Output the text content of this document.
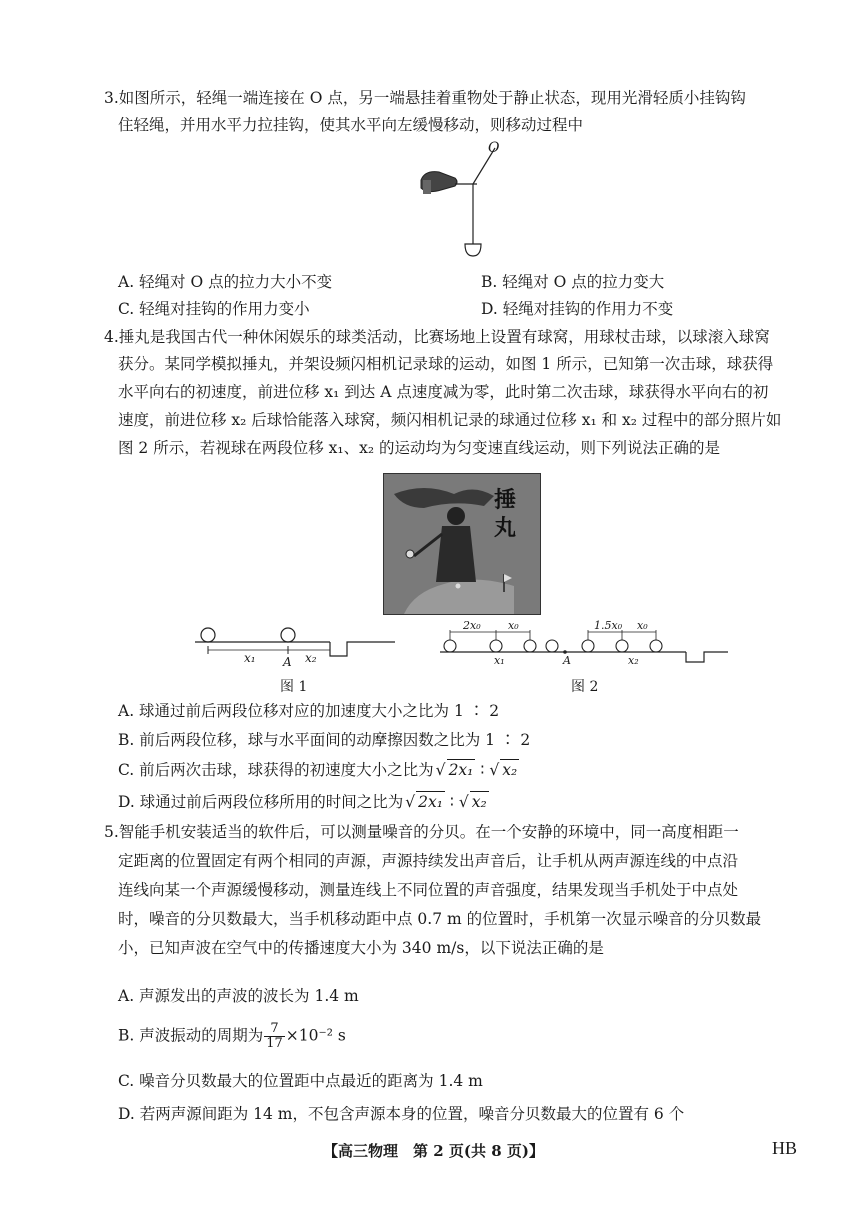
3.如图所示，轻绳一端连接在 O 点，另一端悬挂着重物处于静止状态，现用光滑轻质小挂钩钩
住轻绳，并用水平力拉挂钩，使其水平向左缓慢移动，则移动过程中
O
A. 轻绳对 O 点的拉力大小不变	B. 轻绳对 O 点的拉力变大
C. 轻绳对挂钩的作用力变小	D. 轻绳对挂钩的作用力不变
4.捶丸是我国古代一种休闲娱乐的球类活动，比赛场地上设置有球窝，用球杖击球，以球滚入球窝
获分。某同学模拟捶丸，并架设频闪相机记录球的运动，如图 1 所示，已知第一次击球，球获得
水平向右的初速度，前进位移 x₁ 到达 A 点速度减为零，此时第二次击球，球获得水平向右的初
速度，前进位移 x₂ 后球恰能落入球窝，频闪相机记录的球通过位移 x₁ 和 x₂ 过程中的部分照片如
图 2 所示，若视球在两段位移 x₁、x₂ 的运动均为匀变速直线运动，则下列说法正确的是
捶丸
x₁	x₂
A
图 1
2x₀ x₀	1.5x₀ x₀
x₁	A	x₂
图 2
A. 球通过前后两段位移对应的加速度大小之比为 1 ∶ 2
B. 前后两段位移，球与水平面间的动摩擦因数之比为 1 ∶ 2
C. 前后两次击球，球获得的初速度大小之比为 √ 2x₁ ∶ √ x₂
D. 球通过前后两段位移所用的时间之比为 √ 2x₁ ∶ √ x₂
5.智能手机安装适当的软件后，可以测量噪音的分贝。在一个安静的环境中，同一高度相距一
定距离的位置固定有两个相同的声源，声源持续发出声音后，让手机从两声源连线的中点沿
连线向某一个声源缓慢移动，测量连线上不同位置的声音强度，结果发现当手机处于中点处
时，噪音的分贝数最大，当手机移动距中点 0.7 m 的位置时，手机第一次显示噪音的分贝数最
小，已知声波在空气中的传播速度大小为 340 m/s，以下说法正确的是
A. 声源发出的声波的波长为 1.4 m
B. 声波振动的周期为 $\frac{7}{17} \times 10^{-2}$ s
C. 噪音分贝数最大的位置距中点最近的距离为 1.4 m
D. 若两声源间距为 14 m，不包含声源本身的位置，噪音分贝数最大的位置有 6 个
【高三物理　第 2 页(共 8 页)】	HB
